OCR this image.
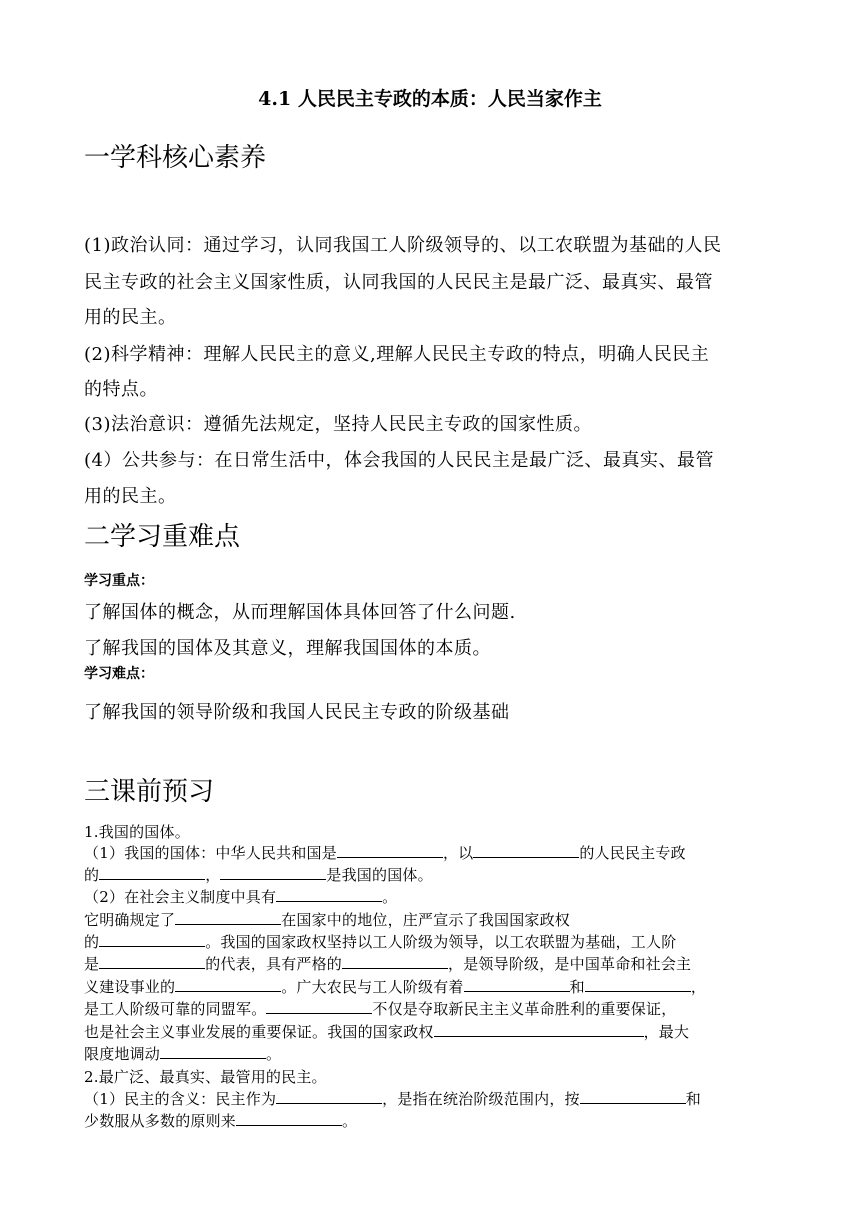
4.1 人民民主专政的本质：人民当家作主
一学科核心素养
(1)政治认同：通过学习，认同我国工人阶级领导的、以工农联盟为基础的人民
民主专政的社会主义国家性质，认同我国的人民民主是最广泛、最真实、最管
用的民主。
(2)科学精神：理解人民民主的意义,理解人民民主专政的特点，明确人民民主
的特点。
(3)法治意识：遵循先法规定，坚持人民民主专政的国家性质。
(4）公共参与：在日常生活中，体会我国的人民民主是最广泛、最真实、最管
用的民主。
二学习重难点
学习重点：
了解国体的概念，从而理解国体具体回答了什么问题.
了解我国的国体及其意义，理解我国国体的本质。
学习难点：
了解我国的领导阶级和我国人民民主专政的阶级基础
三课前预习
1.我国的国体。
（1）我国的国体：中华人民共和国是	，以	的人民民主专政
的	，	是我国的国体。
（2）在社会主义制度中具有	。
它明确规定了	在国家中的地位，庄严宣示了我国国家政权
的	。我国的国家政权坚持以工人阶级为领导，以工农联盟为基础，工人阶
是	的代表，具有严格的	，是领导阶级，是中国革命和社会主
义建设事业的	。广大农民与工人阶级有着	和	，
是工人阶级可靠的同盟军。	不仅是夺取新民主主义革命胜利的重要保证，
也是社会主义事业发展的重要保证。我国的国家政权	，最大
限度地调动	。
2.最广泛、最真实、最管用的民主。
（1）民主的含义：民主作为	，是指在统治阶级范围内，按	和
少数服从多数的原则来	。
